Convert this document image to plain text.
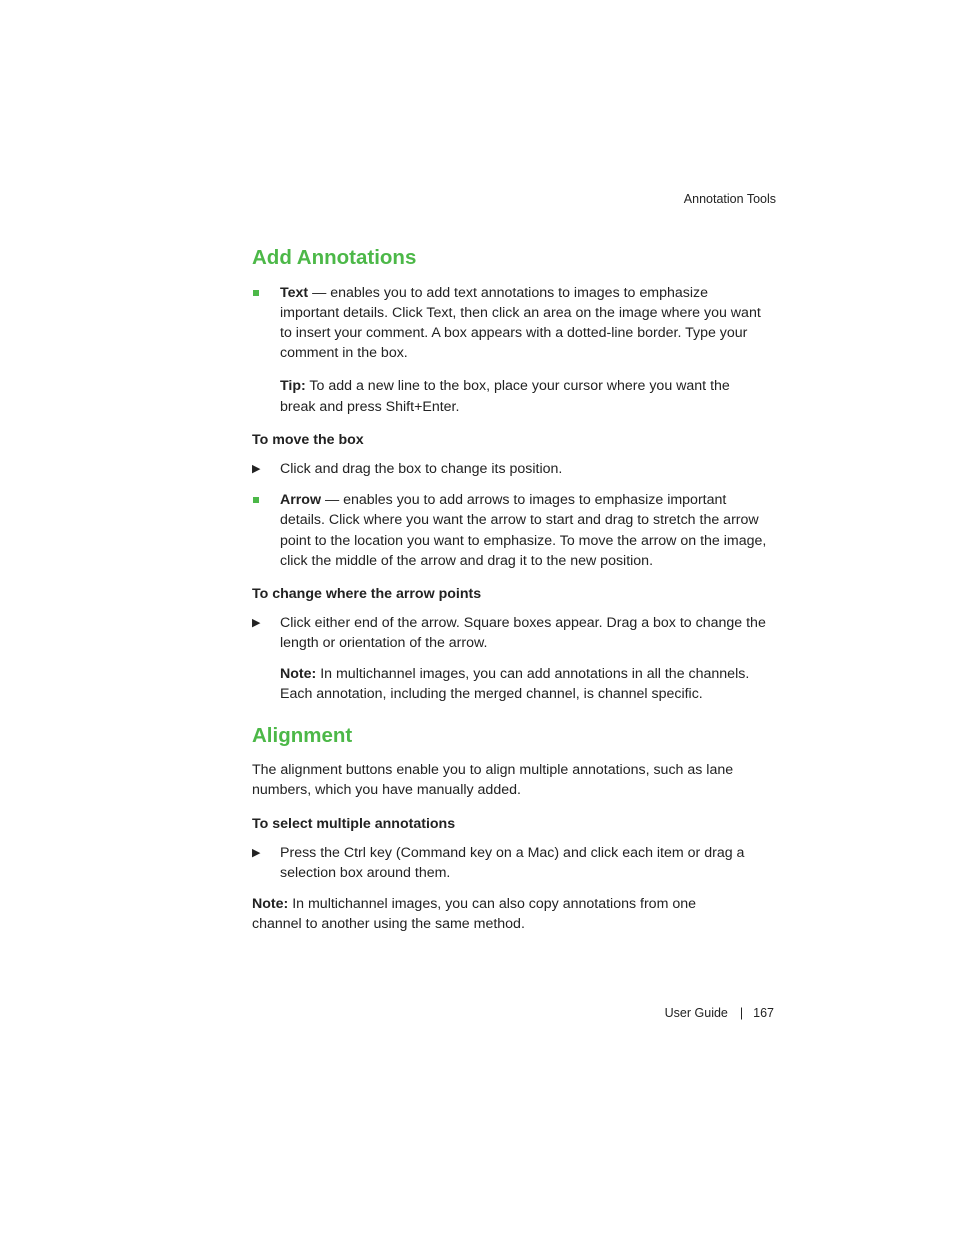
Annotation Tools
Add Annotations

Text — enables you to add text annotations to images to emphasize important details. Click Text, then click an area on the image where you want to insert your comment. A box appears with a dotted-line border. Type your comment in the box.

Tip: To add a new line to the box, place your cursor where you want the break and press Shift+Enter.

To move the box
▶ Click and drag the box to change its position.

Arrow — enables you to add arrows to images to emphasize important details. Click where you want the arrow to start and drag to stretch the arrow point to the location you want to emphasize. To move the arrow on the image, click the middle of the arrow and drag it to the new position.

To change where the arrow points
▶ Click either end of the arrow. Square boxes appear. Drag a box to change the length or orientation of the arrow.

Note: In multichannel images, you can add annotations in all the channels. Each annotation, including the merged channel, is channel specific.

Alignment

The alignment buttons enable you to align multiple annotations, such as lane numbers, which you have manually added.

To select multiple annotations
▶ Press the Ctrl key (Command key on a Mac) and click each item or drag a selection box around them.

Note: In multichannel images, you can also copy annotations from one channel to another using the same method.

User Guide | 167
